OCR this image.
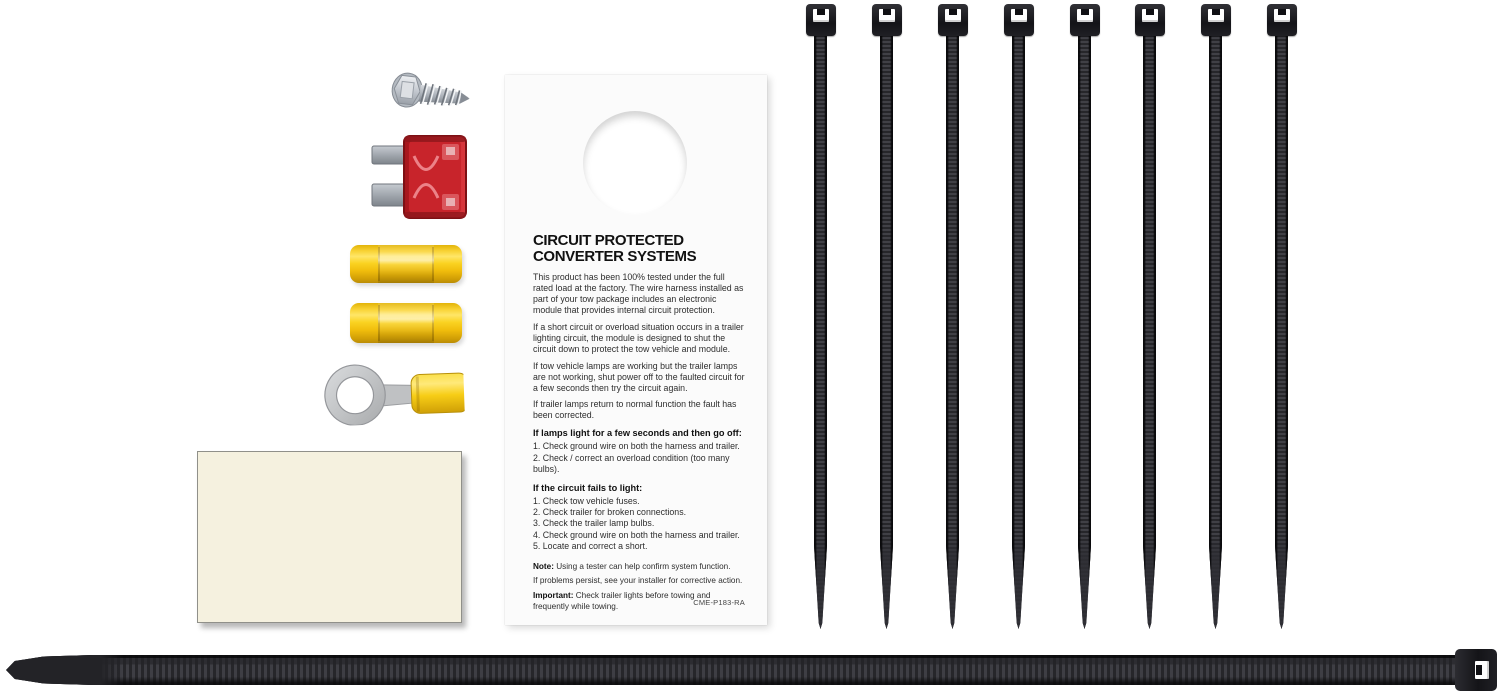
CIRCUIT PROTECTED
CONVERTER SYSTEMS

This product has been 100% tested under the full rated load at the factory. The wire harness installed as part of your tow package includes an electronic module that provides internal circuit protection.

If a short circuit or overload situation occurs in a trailer lighting circuit, the module is designed to shut the circuit down to protect the tow vehicle and module.

If tow vehicle lamps are working but the trailer lamps are not working, shut power off to the faulted circuit for a few seconds then try the circuit again.

If trailer lamps return to normal function the fault has been corrected.

If lamps light for a few seconds and then go off:
1. Check ground wire on both the harness and trailer.
2. Check / correct an overload condition (too many bulbs).
If the circuit fails to light:
1. Check tow vehicle fuses.
2. Check trailer for broken connections.
3. Check the trailer lamp bulbs.
4. Check ground wire on both the harness and trailer.
5. Locate and correct a short.

Note: Using a tester can help confirm system function.

If problems persist, see your installer for corrective action.

Important: Check trailer lights before towing and frequently while towing.	CME-P183-RA
